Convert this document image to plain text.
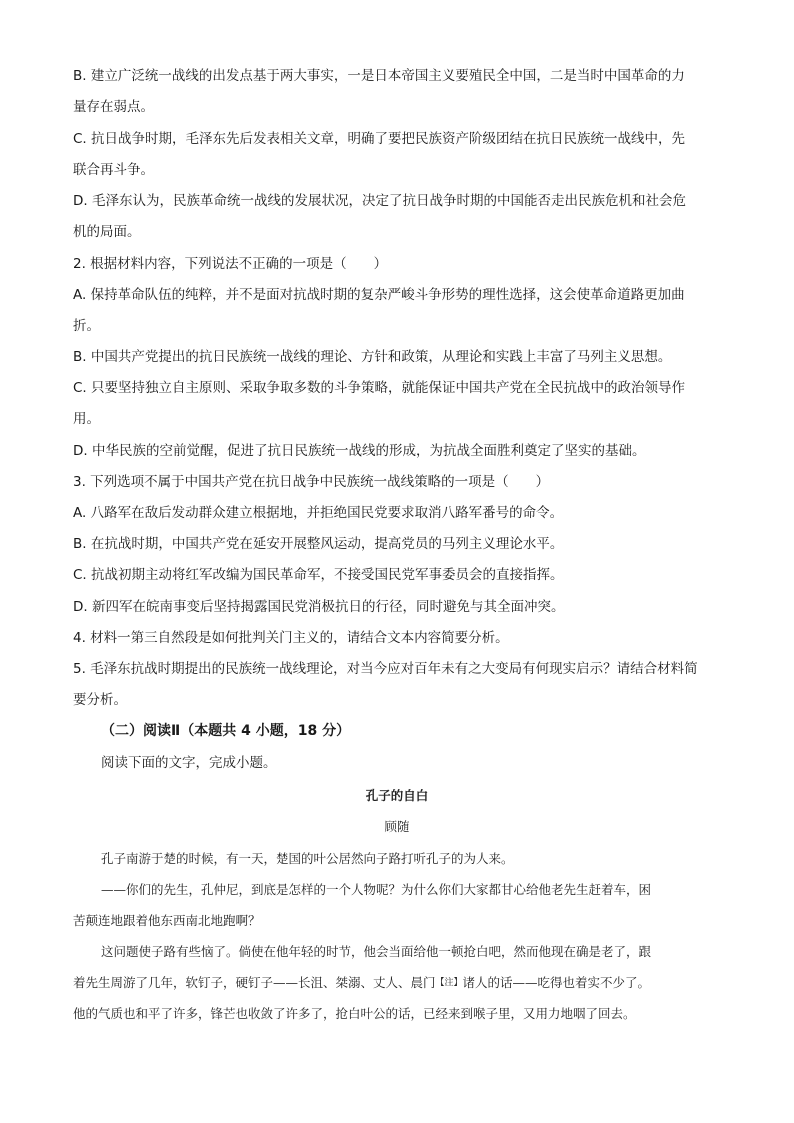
B. 建立广泛统一战线的出发点基于两大事实，一是日本帝国主义要殖民全中国，二是当时中国革命的力
量存在弱点。
C. 抗日战争时期，毛泽东先后发表相关文章，明确了要把民族资产阶级团结在抗日民族统一战线中，先
联合再斗争。
D. 毛泽东认为，民族革命统一战线的发展状况，决定了抗日战争时期的中国能否走出民族危机和社会危
机的局面。
2. 根据材料内容，下列说法不正确的一项是（　　）
A. 保持革命队伍的纯粹，并不是面对抗战时期的复杂严峻斗争形势的理性选择，这会使革命道路更加曲
折。
B. 中国共产党提出的抗日民族统一战线的理论、方针和政策，从理论和实践上丰富了马列主义思想。
C. 只要坚持独立自主原则、采取争取多数的斗争策略，就能保证中国共产党在全民抗战中的政治领导作
用。
D. 中华民族的空前觉醒，促进了抗日民族统一战线的形成，为抗战全面胜利奠定了坚实的基础。
3. 下列选项不属于中国共产党在抗日战争中民族统一战线策略的一项是（　　）
A. 八路军在敌后发动群众建立根据地，并拒绝国民党要求取消八路军番号的命令。
B. 在抗战时期，中国共产党在延安开展整风运动，提高党员的马列主义理论水平。
C. 抗战初期主动将红军改编为国民革命军，不接受国民党军事委员会的直接指挥。
D. 新四军在皖南事变后坚持揭露国民党消极抗日的行径，同时避免与其全面冲突。
4. 材料一第三自然段是如何批判关门主义的，请结合文本内容简要分析。
5. 毛泽东抗战时期提出的民族统一战线理论，对当今应对百年未有之大变局有何现实启示？请结合材料简
要分析。
（二）阅读Ⅱ（本题共 4 小题，18 分）
阅读下面的文字，完成小题。
孔子的自白
顾随
孔子南游于楚的时候，有一天，楚国的叶公居然向子路打听孔子的为人来。
——你们的先生，孔仲尼，到底是怎样的一个人物呢？为什么你们大家都甘心给他老先生赶着车，困
苦颠连地跟着他东西南北地跑啊？
这问题使子路有些恼了。倘使在他年轻的时节，他会当面给他一顿抢白吧，然而他现在确是老了，跟
着先生周游了几年，软钉子，硬钉子——长沮、桀溺、丈人、晨门【注】诸人的话——吃得也着实不少了。
他的气质也和平了许多，锋芒也收敛了许多了，抢白叶公的话，已经来到喉子里，又用力地咽了回去。
